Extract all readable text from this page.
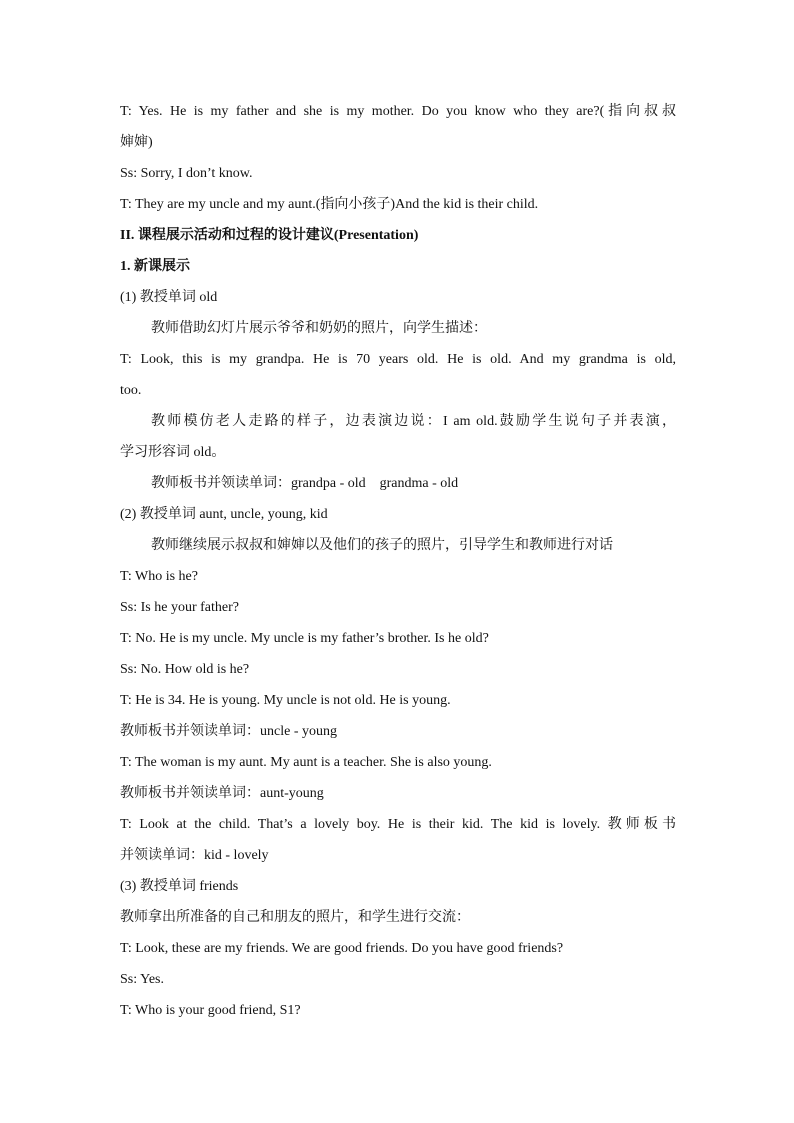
T: Yes. He is my father and she is my mother. Do you know who they are?(指向叔叔
婶婶)
Ss: Sorry, I don’t know.
T: They are my uncle and my aunt.(指向小孩子)And the kid is their child.
II. 课程展示活动和过程的设计建议(Presentation)
1. 新课展示
(1) 教授单词 old
教师借助幻灯片展示爷爷和奶奶的照片，向学生描述：
T: Look, this is my grandpa. He is 70 years old. He is old. And my grandma is old,
too.
教师模仿老人走路的样子，边表演边说：I am old.鼓励学生说句子并表演，
学习形容词 old。
教师板书并领读单词：grandpa - old    grandma - old
(2) 教授单词 aunt, uncle, young, kid
教师继续展示叔叔和婶婶以及他们的孩子的照片，引导学生和教师进行对话
T: Who is he?
Ss: Is he your father?
T: No. He is my uncle. My uncle is my father’s brother. Is he old?
Ss: No. How old is he?
T: He is 34. He is young. My uncle is not old. He is young.
教师板书并领读单词：uncle - young
T: The woman is my aunt. My aunt is a teacher. She is also young.
教师板书并领读单词：aunt-young
T: Look at the child. That’s a lovely boy. He is their kid. The kid is lovely. 教师板书
并领读单词：kid - lovely
(3) 教授单词 friends
教师拿出所准备的自己和朋友的照片，和学生进行交流：
T: Look, these are my friends. We are good friends. Do you have good friends?
Ss: Yes.
T: Who is your good friend, S1?
